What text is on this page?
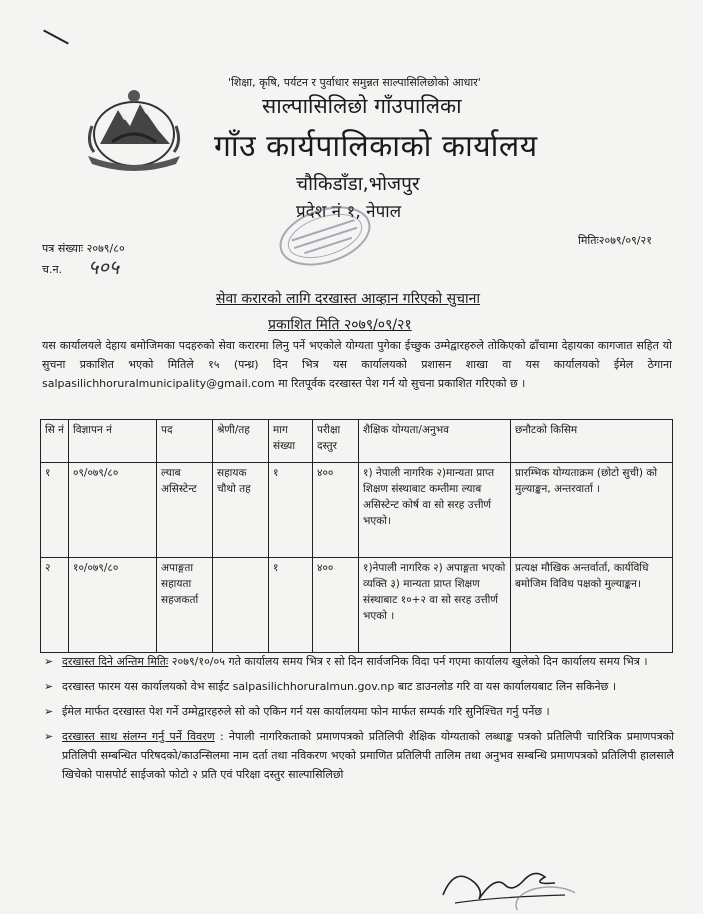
'शिक्षा, कृषि, पर्यटन र पुर्वाधार समुन्नत साल्पासिलिछोको आधार'
साल्पासिलिछो गाँउपालिका
गाँउ कार्यपालिकाको कार्यालय
चौकिडाँडा,भोजपुर
प्रदेश नं १, नेपाल
मितिः२०७९/०९/२१
पत्र संख्याः २०७९/८०
च.न. ५०५
सेवा करारको लागि दरखास्त आव्हान गरिएको सुचाना
प्रकाशित मिति २०७९/०९/२१
यस कार्यालयले देहाय बमोजिमका पदहरुको सेवा करारमा लिनु पर्ने भएकोले योग्यता पुगेका ईच्छुक उम्मेद्वारहरुले तोकिएको ढाँचामा देहायका कागजात सहित यो सुचना प्रकाशित भएको मितिले १५ (पन्ध्र) दिन भित्र यस कार्यालयको प्रशासन शाखा वा यस कार्यालयको ईमेल ठेगाना salpasilichhoruralmunicipality@gmail.com मा रितपूर्वक दरखास्त पेश गर्न यो सुचना प्रकाशित गरिएको छ ।
सि नं	विज्ञापन नं	पद	श्रेणी/तह	माग संख्या	परीक्षा दस्तुर	शैक्षिक योग्यता/अनुभव	छनौटको किसिम
१	०९/०७९/८०	ल्याब असिस्टेन्ट	सहायक चौथो तह	१	४००	१) नेपाली नागरिक २)मान्यता प्राप्त शिक्षण संस्थाबाट कम्तीमा ल्याब असिस्टेन्ट कोर्ष वा सो सरह उत्तीर्ण भएको।	प्रारम्भिक योग्यताक्रम (छोटो सुची) को मुल्याङ्कन, अन्तरवार्ता ।
२	१०/०७९/८०	अपाङ्गता सहायता सहजकर्ता		१	४००	१)नेपाली नागरिक २) अपाङ्गता भएको व्यक्ति ३) मान्यता प्राप्त शिक्षण संस्थाबाट १०+२ वा सो सरह उत्तीर्ण भएको ।	प्रत्यक्ष मौखिक अन्तर्वार्ता, कार्यविधि बमोजिम विविध पक्षको मुल्याङ्कन।
➢ दरखास्त दिने अन्तिम मितिः २०७९/१०/०५ गते कार्यालय समय भित्र र सो दिन सार्वजनिक विदा पर्न गएमा कार्यालय खुलेको दिन कार्यालय समय भित्र ।
➢ दरखास्त फारम यस कार्यालयको वेभ साईट salpasilichhoruralmun.gov.np बाट डाउनलोड गरि वा यस कार्यालयबाट लिन सकिनेछ ।
➢ ईमेल मार्फत दरखास्त पेश गर्ने उम्मेद्वारहरुले सो को एकिन गर्न यस कार्यालयमा फोन मार्फत सम्पर्क गरि सुनिश्चित गर्नु पर्नेछ ।
➢ दरखास्त साथ संलग्न गर्नु पर्ने विवरण : नेपाली नागरिकताको प्रमाणपत्रको प्रतिलिपी शैक्षिक योग्यताको लब्धाङ्क पत्रको प्रतिलिपी चारित्रिक प्रमाणपत्रको प्रतिलिपी सम्बन्धित परिषदको/काउन्सिलमा नाम दर्ता तथा नविकरण भएको प्रमाणित प्रतिलिपी तालिम तथा अनुभव सम्बन्धि प्रमाणपत्रको प्रतिलिपी हालसालै खिचेको पासपोर्ट साईजको फोटो २ प्रति एवं परिक्षा दस्तुर साल्पासिलिछो
